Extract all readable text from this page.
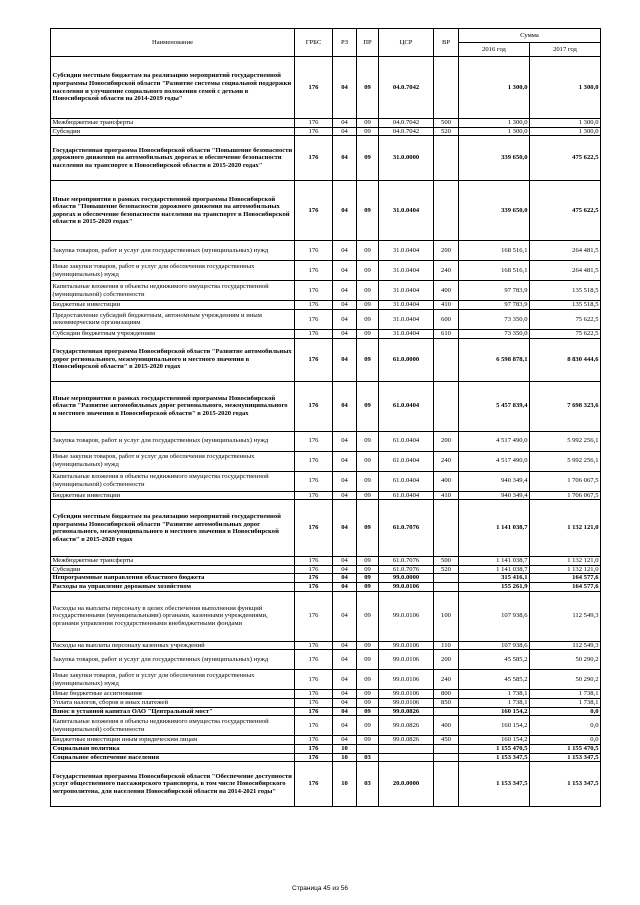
Наименование	ГРБС	РЗ	ПР	ЦСР	ВР	Сумма	
						2016 год	2017 год
Субсидии местным бюджетам на реализацию мероприятий государственной программы Новосибирской области "Развитие системы социальной поддержки населения и улучшение социального положения семей с детьми в Новосибирской области на 2014-2019 годы"	176	04	09	04.0.7042		1 300,0	1 300,0
Межбюджетные трансферты	176	04	09	04.0.7042	500	1 300,0	1 300,0
Субсидии	176	04	09	04.0.7042	520	1 300,0	1 300,0
Государственная программа Новосибирской области "Повышение безопасности дорожного движения на автомобильных дорогах и обеспечение безопасности населения на транспорте в Новосибирской области в 2015-2020 годах"	176	04	09	31.0.0000		339 650,0	475 622,5
Иные мероприятия в рамках государственной программы Новосибирской области "Повышение безопасности дорожного движения на автомобильных дорогах и обеспечение безопасности населения на транспорте в Новосибирской области в 2015-2020 годах"	176	04	09	31.0.0404		339 650,0	475 622,5
Закупка товаров, работ и услуг для государственных (муниципальных) нужд	176	04	09	31.0.0404	200	168 516,1	264 481,5
Иные закупки товаров, работ и услуг для обеспечения государственных (муниципальных) нужд	176	04	09	31.0.0404	240	168 516,1	264 481,5
Капитальные вложения в объекты недвижимого имущества государственной (муниципальной) собственности	176	04	09	31.0.0404	400	97 783,9	135 518,5
Бюджетные инвестиции	176	04	09	31.0.0404	410	97 783,9	135 518,5
Предоставление субсидий бюджетным, автономным учреждениям и иным некоммерческим организациям	176	04	09	31.0.0404	600	73 350,0	75 622,5
Субсидии бюджетным учреждениям	176	04	09	31.0.0404	610	73 350,0	75 622,5
Государственная программа Новосибирской области "Развитие автомобильных дорог регионального, межмуниципального и местного значения в Новосибирской области" в 2015-2020 годах	176	04	09	61.0.0000		6 598 878,1	8 830 444,6
Иные мероприятия в рамках государственной программы Новосибирской области "Развитие автомобильных дорог регионального, межмуниципального и местного значения в Новосибирской области" в 2015-2020 годах	176	04	09	61.0.0404		5 457 839,4	7 698 323,6
Закупка товаров, работ и услуг для государственных (муниципальных) нужд	176	04	09	61.0.0404	200	4 517 490,0	5 992 256,1
Иные закупки товаров, работ и услуг для обеспечения государственных (муниципальных) нужд	176	04	09	61.0.0404	240	4 517 490,0	5 992 256,1
Капитальные вложения в объекты недвижимого имущества государственной (муниципальной) собственности	176	04	09	61.0.0404	400	940 349,4	1 706 067,5
Бюджетные инвестиции	176	04	09	61.0.0404	410	940 349,4	1 706 067,5
Субсидии местным бюджетам на реализацию мероприятий государственной программы Новосибирской области "Развитие автомобильных дорог регионального, межмуниципального и местного значения в Новосибирской области" в 2015-2020 годах	176	04	09	61.0.7076		1 141 038,7	1 132 121,0
Межбюджетные трансферты	176	04	09	61.0.7076	500	1 141 038,7	1 132 121,0
Субсидии	176	04	09	61.0.7076	520	1 141 038,7	1 132 121,0
Непрограммные направления областного бюджета	176	04	09	99.0.0000		315 416,1	164 577,6
Расходы на управление дорожным хозяйством	176	04	09	99.0.0106		155 261,9	164 577,6
Расходы на выплаты персоналу в целях обеспечения выполнения функций государственными (муниципальными) органами, казенными учреждениями, органами управления государственными внебюджетными фондами	176	04	09	99.0.0106	100	107 938,6	112 549,3
Расходы на выплаты персоналу казенных учреждений	176	04	09	99.0.0106	110	107 938,6	112 549,3
Закупка товаров, работ и услуг для государственных (муниципальных) нужд	176	04	09	99.0.0106	200	45 585,2	50 290,2
Иные закупки товаров, работ и услуг для обеспечения государственных (муниципальных) нужд	176	04	09	99.0.0106	240	45 585,2	50 290,2
Иные бюджетные ассигнования	176	04	09	99.0.0106	800	1 738,1	1 738,1
Уплата налогов, сборов и иных платежей	176	04	09	99.0.0106	850	1 738,1	1 738,1
Взнос в уставной капитал ОАО "Центральный мост"	176	04	09	99.0.0826		160 154,2	0,0
Капитальные вложения в объекты недвижимого имущества государственной (муниципальной) собственности	176	04	09	99.0.0826	400	160 154,2	0,0
Бюджетные инвестиции иным юридическим лицам	176	04	09	99.0.0826	450	160 154,2	0,0
Социальная политика	176	10				1 155 470,5	1 155 470,5
Социальное обеспечение населения	176	10	03			1 153 347,5	1 153 347,5
Государственная программа Новосибирской области "Обеспечение доступности услуг общественного пассажирского транспорта, в том числе Новосибирского метрополитена, для населения Новосибирской области на 2014-2021 годы"	176	10	03	20.0.0000		1 153 347,5	1 153 347,5
Страница 45 из 56
